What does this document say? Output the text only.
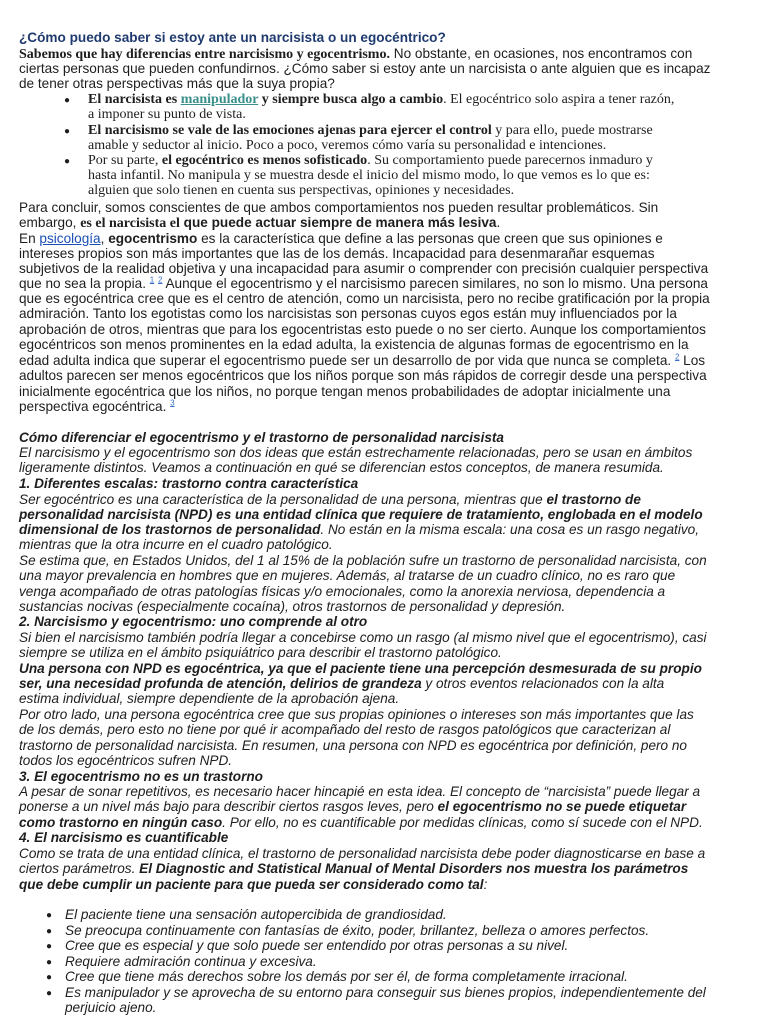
¿Cómo puedo saber si estoy ante un narcisista o un egocéntrico?
Sabemos que hay diferencias entre narcisismo y egocentrismo. No obstante, en ocasiones, nos encontramos con
ciertas personas que pueden confundirnos. ¿Cómo saber si estoy ante un narcisista o ante alguien que es incapaz
de tener otras perspectivas más que la suya propia?
● El narcisista es manipulador y siempre busca algo a cambio. El egocéntrico solo aspira a tener razón,
a imponer su punto de vista.
● El narcisismo se vale de las emociones ajenas para ejercer el control y para ello, puede mostrarse
amable y seductor al inicio. Poco a poco, veremos cómo varía su personalidad e intenciones.
● Por su parte, el egocéntrico es menos sofisticado. Su comportamiento puede parecernos inmaduro y
hasta infantil. No manipula y se muestra desde el inicio del mismo modo, lo que vemos es lo que es:
alguien que solo tienen en cuenta sus perspectivas, opiniones y necesidades.
Para concluir, somos conscientes de que ambos comportamientos nos pueden resultar problemáticos. Sin
embargo, es el narcisista el que puede actuar siempre de manera más lesiva.
En psicología, egocentrismo es la característica que define a las personas que creen que sus opiniones e
intereses propios son más importantes que las de los demás. Incapacidad para desenmarañar esquemas
subjetivos de la realidad objetiva y una incapacidad para asumir o comprender con precisión cualquier perspectiva
que no sea la propia. $^1$ $^2$ Aunque el egocentrismo y el narcisismo parecen similares, no son lo mismo. Una persona
que es egocéntrica cree que es el centro de atención, como un narcisista, pero no recibe gratificación por la propia
admiración. Tanto los egotistas como los narcisistas son personas cuyos egos están muy influenciados por la
aprobación de otros, mientras que para los egocentristas esto puede o no ser cierto. Aunque los comportamientos
egocéntricos son menos prominentes en la edad adulta, la existencia de algunas formas de egocentrismo en la
edad adulta indica que superar el egocentrismo puede ser un desarrollo de por vida que nunca se completa. $^2$ Los
adultos parecen ser menos egocéntricos que los niños porque son más rápidos de corregir desde una perspectiva
inicialmente egocéntrica que los niños, no porque tengan menos probabilidades de adoptar inicialmente una
perspectiva egocéntrica. $^3$
Cómo diferenciar el egocentrismo y el trastorno de personalidad narcisista
El narcisismo y el egocentrismo son dos ideas que están estrechamente relacionadas, pero se usan en ámbitos
ligeramente distintos. Veamos a continuación en qué se diferencian estos conceptos, de manera resumida.
1. Diferentes escalas: trastorno contra característica
Ser egocéntrico es una característica de la personalidad de una persona, mientras que el trastorno de
personalidad narcisista (NPD) es una entidad clínica que requiere de tratamiento, englobada en el modelo
dimensional de los trastornos de personalidad. No están en la misma escala: una cosa es un rasgo negativo,
mientras que la otra incurre en el cuadro patológico.
Se estima que, en Estados Unidos, del 1 al 15% de la población sufre un trastorno de personalidad narcisista, con
una mayor prevalencia en hombres que en mujeres. Además, al tratarse de un cuadro clínico, no es raro que
venga acompañado de otras patologías físicas y/o emocionales, como la anorexia nerviosa, dependencia a
sustancias nocivas (especialmente cocaína), otros trastornos de personalidad y depresión.
2. Narcisismo y egocentrismo: uno comprende al otro
Si bien el narcisismo también podría llegar a concebirse como un rasgo (al mismo nivel que el egocentrismo), casi
siempre se utiliza en el ámbito psiquiátrico para describir el trastorno patológico.
Una persona con NPD es egocéntrica, ya que el paciente tiene una percepción desmesurada de su propio
ser, una necesidad profunda de atención, delirios de grandeza y otros eventos relacionados con la alta
estima individual, siempre dependiente de la aprobación ajena.
Por otro lado, una persona egocéntrica cree que sus propias opiniones o intereses son más importantes que las
de los demás, pero esto no tiene por qué ir acompañado del resto de rasgos patológicos que caracterizan al
trastorno de personalidad narcisista. En resumen, una persona con NPD es egocéntrica por definición, pero no
todos los egocéntricos sufren NPD.
3. El egocentrismo no es un trastorno
A pesar de sonar repetitivos, es necesario hacer hincapié en esta idea. El concepto de “narcisista” puede llegar a
ponerse a un nivel más bajo para describir ciertos rasgos leves, pero el egocentrismo no se puede etiquetar
como trastorno en ningún caso. Por ello, no es cuantificable por medidas clínicas, como sí sucede con el NPD.
4. El narcisismo es cuantificable
Como se trata de una entidad clínica, el trastorno de personalidad narcisista debe poder diagnosticarse en base a
ciertos parámetros. El Diagnostic and Statistical Manual of Mental Disorders nos muestra los parámetros
que debe cumplir un paciente para que pueda ser considerado como tal:
● El paciente tiene una sensación autopercibida de grandiosidad.
● Se preocupa continuamente con fantasías de éxito, poder, brillantez, belleza o amores perfectos.
● Cree que es especial y que solo puede ser entendido por otras personas a su nivel.
● Requiere admiración continua y excesiva.
● Cree que tiene más derechos sobre los demás por ser él, de forma completamente irracional.
● Es manipulador y se aprovecha de su entorno para conseguir sus bienes propios, independientemente del
perjuicio ajeno.
